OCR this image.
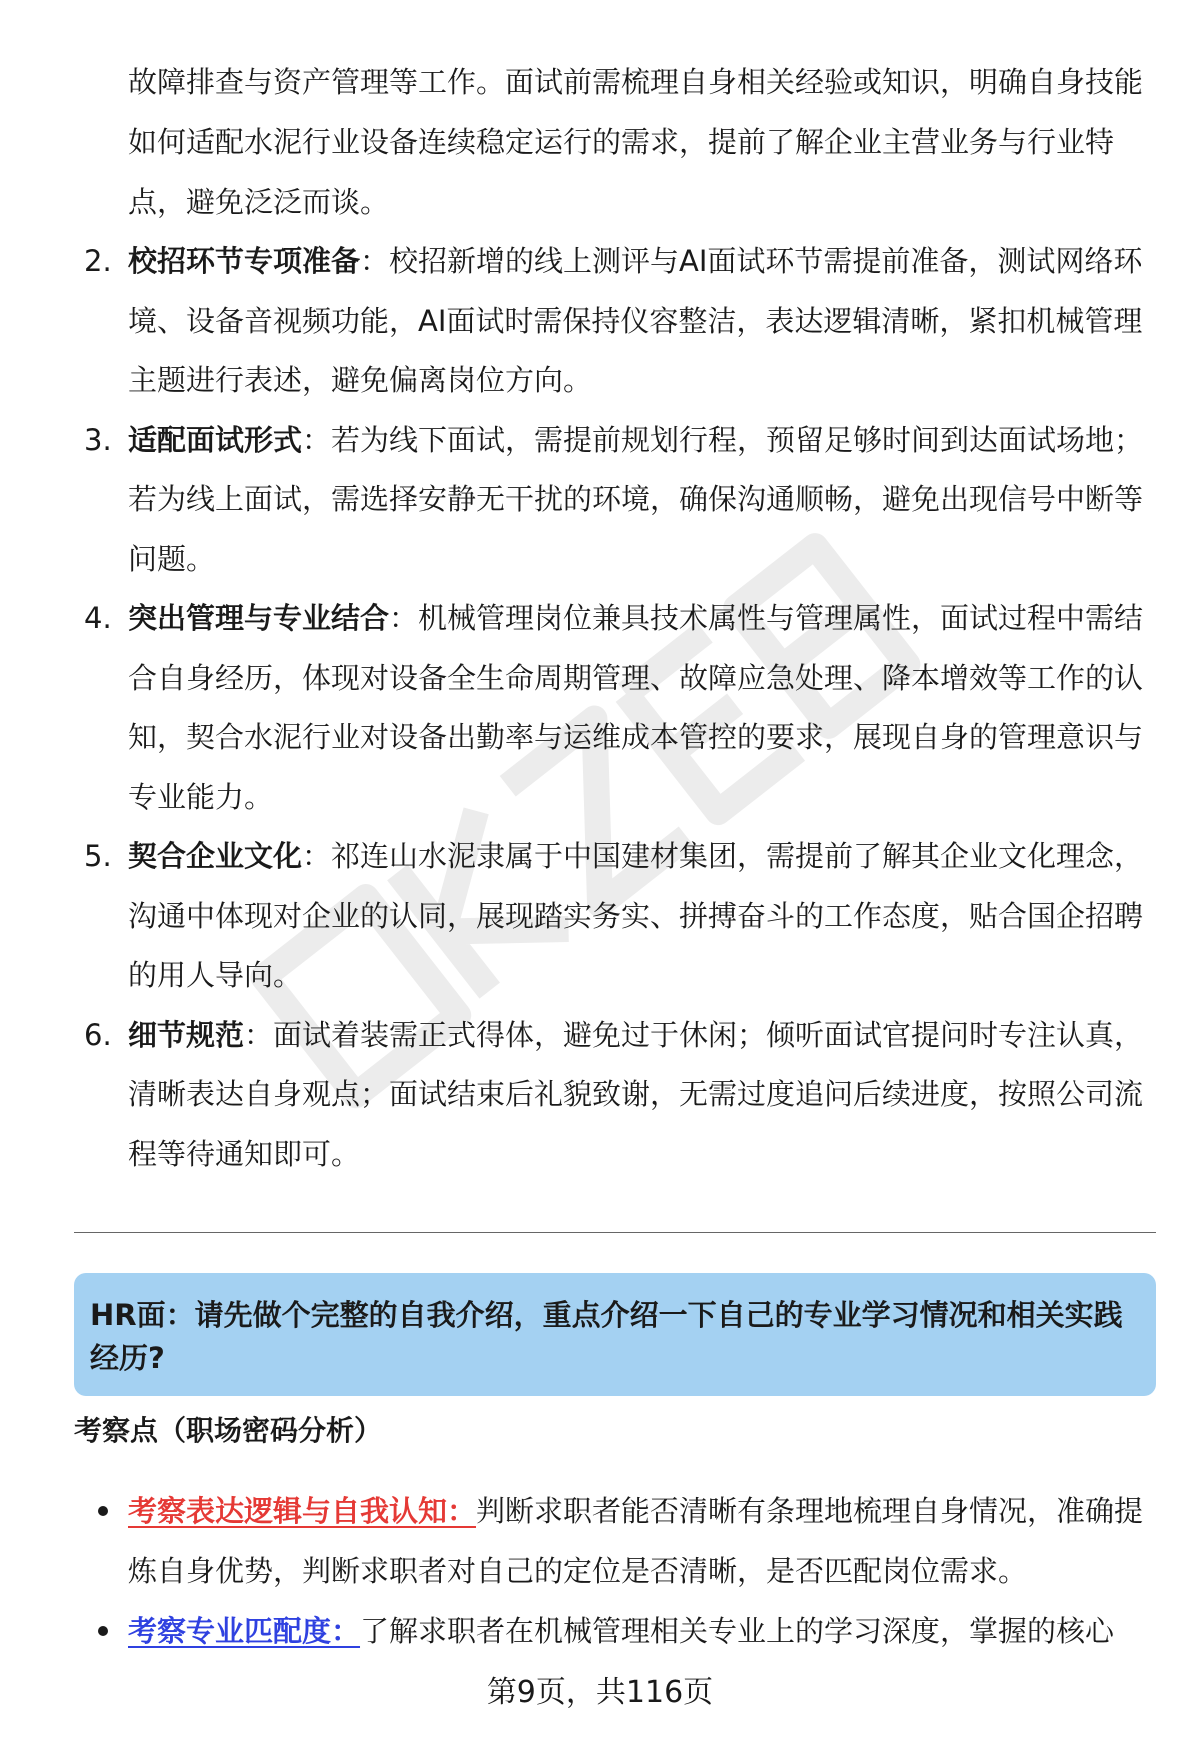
故障排查与资产管理等工作。面试前需梳理自身相关经验或知识，明确自身技能如何适配水泥行业设备连续稳定运行的需求，提前了解企业主营业务与行业特点，避免泛泛而谈。
2. 校招环节专项准备：校招新增的线上测评与AI面试环节需提前准备，测试网络环境、设备音视频功能，AI面试时需保持仪容整洁，表达逻辑清晰，紧扣机械管理主题进行表述，避免偏离岗位方向。
3. 适配面试形式：若为线下面试，需提前规划行程，预留足够时间到达面试场地；若为线上面试，需选择安静无干扰的环境，确保沟通顺畅，避免出现信号中断等问题。
4. 突出管理与专业结合：机械管理岗位兼具技术属性与管理属性，面试过程中需结合自身经历，体现对设备全生命周期管理、故障应急处理、降本增效等工作的认知，契合水泥行业对设备出勤率与运维成本管控的要求，展现自身的管理意识与专业能力。
5. 契合企业文化：祁连山水泥隶属于中国建材集团，需提前了解其企业文化理念，沟通中体现对企业的认同，展现踏实务实、拼搏奋斗的工作态度，贴合国企招聘的用人导向。
6. 细节规范：面试着装需正式得体，避免过于休闲；倾听面试官提问时专注认真，清晰表达自身观点；面试结束后礼貌致谢，无需过度追问后续进度，按照公司流程等待通知即可。
HR面：请先做个完整的自我介绍，重点介绍一下自己的专业学习情况和相关实践经历?
考察点（职场密码分析）
考察表达逻辑与自我认知：判断求职者能否清晰有条理地梳理自身情况，准确提炼自身优势，判断求职者对自己的定位是否清晰，是否匹配岗位需求。
考察专业匹配度：了解求职者在机械管理相关专业上的学习深度，掌握的核心
第9页，共116页
